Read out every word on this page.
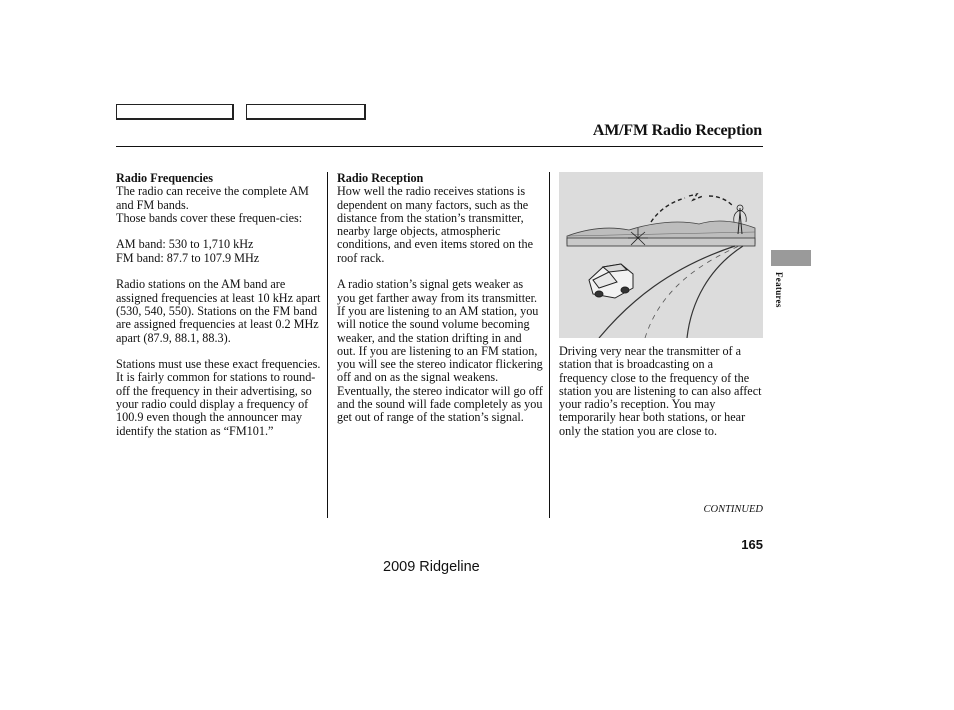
AM/FM Radio Reception
Radio Frequencies

The radio can receive the complete AM and FM bands.

Those bands cover these frequen-cies:

AM band: 530 to 1,710 kHz

FM band: 87.7 to 107.9 MHz

Radio stations on the AM band are assigned frequencies at least 10 kHz apart (530, 540, 550). Stations on the FM band are assigned frequencies at least 0.2 MHz apart (87.9, 88.1, 88.3).

Stations must use these exact frequencies. It is fairly common for stations to round-off the frequency in their advertising, so your radio could display a frequency of 100.9 even though the announcer may identify the station as “FM101.”

Radio Reception

How well the radio receives stations is dependent on many factors, such as the distance from the station’s transmitter, nearby large objects, atmospheric conditions, and even items stored on the roof rack.

A radio station’s signal gets weaker as you get farther away from its transmitter. If you are listening to an AM station, you will notice the sound volume becoming weaker, and the station drifting in and out. If you are listening to an FM station, you will see the stereo indicator flickering off and on as the signal weakens. Eventually, the stereo indicator will go off and the sound will fade completely as you get out of range of the station’s signal.

Driving very near the transmitter of a station that is broadcasting on a frequency close to the frequency of the station you are listening to can also affect your radio’s reception. You may temporarily hear both stations, or hear only the station you are close to.

Features
CONTINUED
165
2009 Ridgeline
